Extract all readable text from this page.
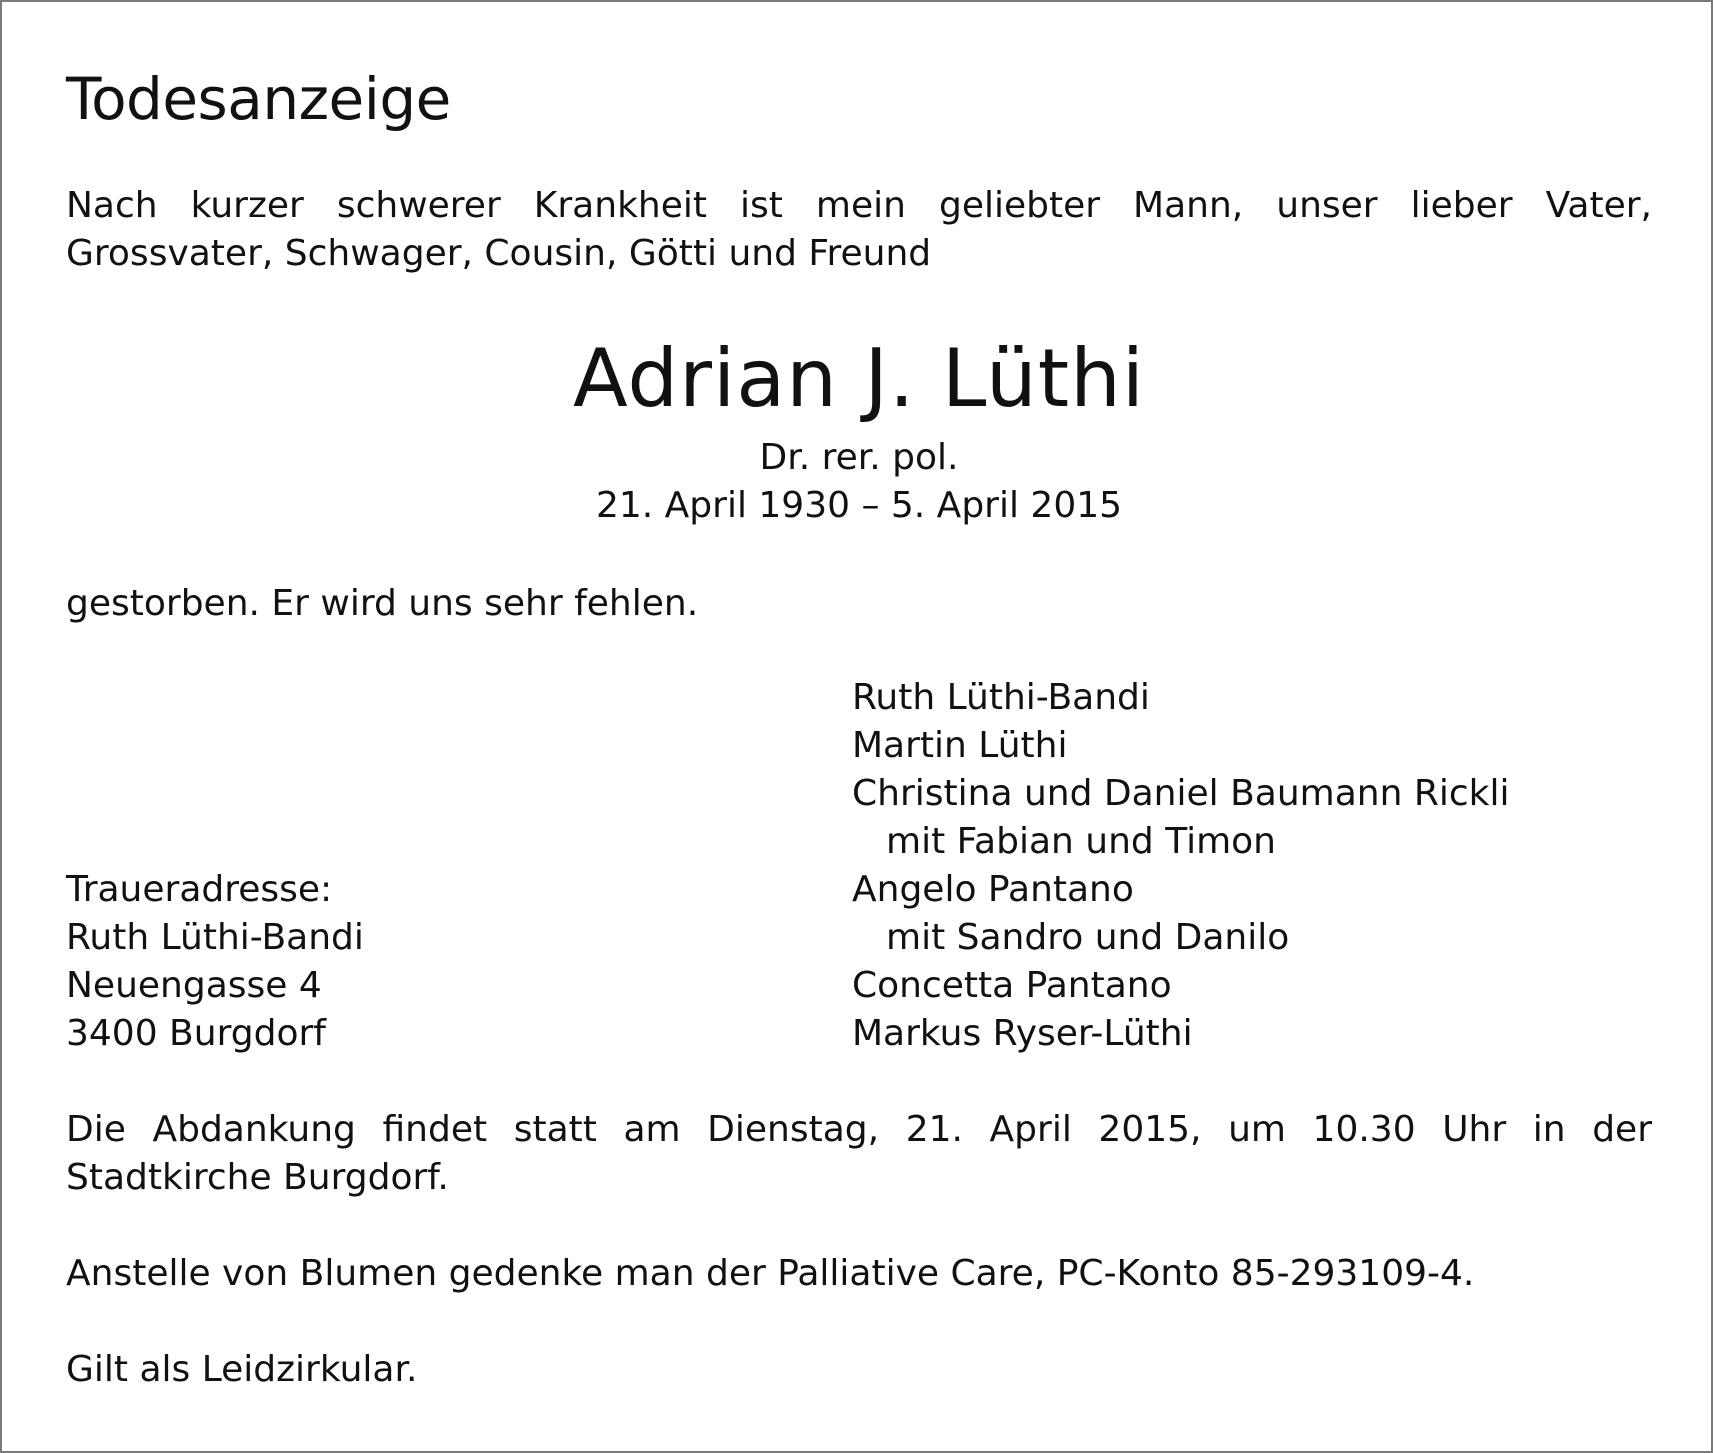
Todesanzeige

Nach kurzer schwerer Krankheit ist mein geliebter Mann, unser lieber Vater, Grossvater, Schwager, Cousin, Götti und Freund

Adrian J. Lüthi

Dr. rer. pol.

21. April 1930 – 5. April 2015

gestorben. Er wird uns sehr fehlen.

Ruth Lüthi-Bandi
Martin Lüthi
Christina und Daniel Baumann Rickli
mit Fabian und Timon
Angelo Pantano
mit Sandro und Danilo
Concetta Pantano
Markus Ryser-Lüthi
Traueradresse:
Ruth Lüthi-Bandi
Neuengasse 4
3400 Burgdorf

Die Abdankung findet statt am Dienstag, 21. April 2015, um 10.30 Uhr in der Stadtkirche Burgdorf.

Anstelle von Blumen gedenke man der Palliative Care, PC-Konto 85-293109-4.

Gilt als Leidzirkular.
